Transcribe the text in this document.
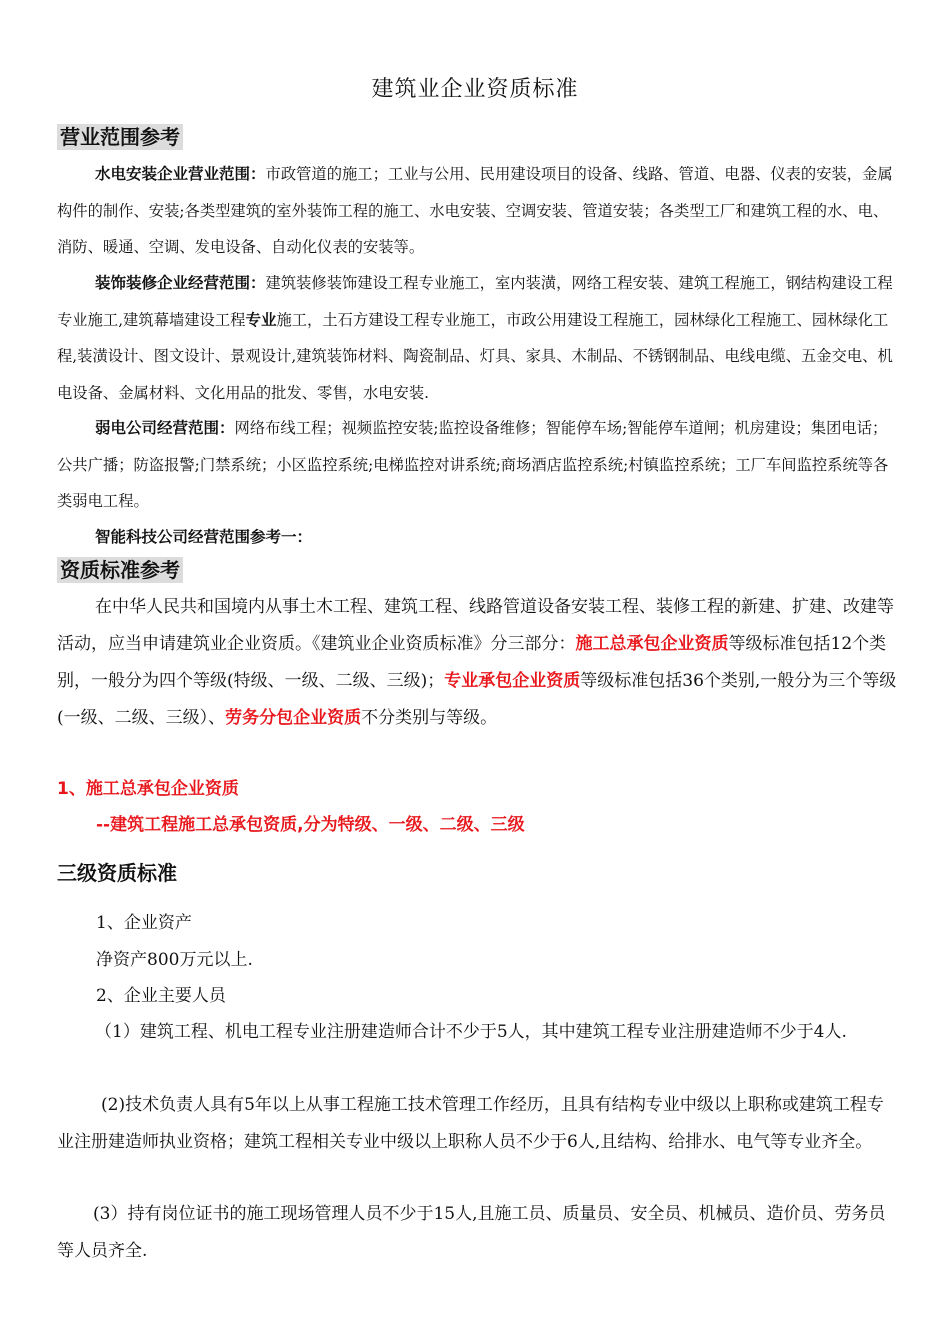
建筑业企业资质标准
营业范围参考
水电安装企业营业范围：市政管道的施工；工业与公用、民用建设项目的设备、线路、管道、电器、仪表的安装，金属构件的制作、安装;各类型建筑的室外装饰工程的施工、水电安装、空调安装、管道安装；各类型工厂和建筑工程的水、电、消防、暖通、空调、发电设备、自动化仪表的安装等。
装饰装修企业经营范围：建筑装修装饰建设工程专业施工，室内装潢，网络工程安装、建筑工程施工，钢结构建设工程专业施工,建筑幕墙建设工程专业施工，土石方建设工程专业施工，市政公用建设工程施工，园林绿化工程施工、园林绿化工程,装潢设计、图文设计、景观设计,建筑装饰材料、陶瓷制品、灯具、家具、木制品、不锈钢制品、电线电缆、五金交电、机电设备、金属材料、文化用品的批发、零售，水电安装.
弱电公司经营范围：网络布线工程；视频监控安装;监控设备维修；智能停车场;智能停车道闸；机房建设；集团电话；公共广播；防盗报警;门禁系统；小区监控系统;电梯监控对讲系统;商场酒店监控系统;村镇监控系统；工厂车间监控系统等各类弱电工程。
智能科技公司经营范围参考一：
资质标准参考
在中华人民共和国境内从事土木工程、建筑工程、线路管道设备安装工程、装修工程的新建、扩建、改建等活动，应当申请建筑业企业资质。《建筑业企业资质标准》分三部分：施工总承包企业资质等级标准包括12个类别，一般分为四个等级(特级、一级、二级、三级)；专业承包企业资质等级标准包括36个类别,一般分为三个等级(一级、二级、三级）、劳务分包企业资质不分类别与等级。
1、施工总承包企业资质
--建筑工程施工总承包资质,分为特级、一级、二级、三级
三级资质标准
1、企业资产
净资产800万元以上.
2、企业主要人员
（1）建筑工程、机电工程专业注册建造师合计不少于5人，其中建筑工程专业注册建造师不少于4人.
(2)技术负责人具有5年以上从事工程施工技术管理工作经历，且具有结构专业中级以上职称或建筑工程专业注册建造师执业资格；建筑工程相关专业中级以上职称人员不少于6人,且结构、给排水、电气等专业齐全。
(3）持有岗位证书的施工现场管理人员不少于15人,且施工员、质量员、安全员、机械员、造价员、劳务员等人员齐全.
